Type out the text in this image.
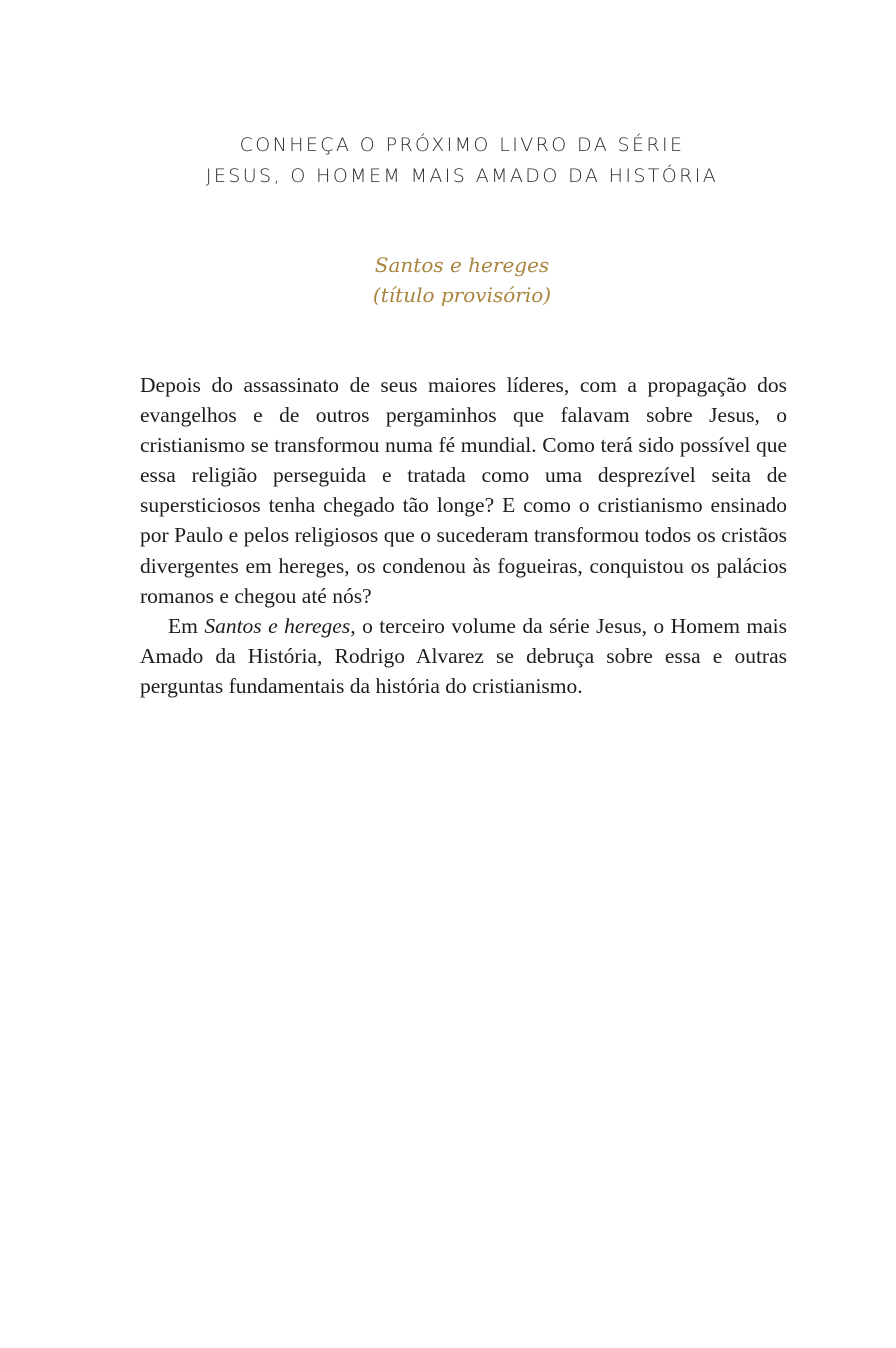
CONHEÇA O PRÓXIMO LIVRO DA SÉRIE
JESUS, O HOMEM MAIS AMADO DA HISTÓRIA
Santos e hereges
(título provisório)

Depois do assassinato de seus maiores líderes, com a propagação dos evangelhos e de outros pergaminhos que falavam sobre Jesus, o cristianismo se transformou numa fé mundial. Como terá sido possível que essa religião perseguida e tratada como uma desprezível seita de supersticiosos tenha chegado tão longe? E como o cristianismo ensinado por Paulo e pelos religiosos que o sucederam transformou todos os cristãos divergentes em hereges, os condenou às fogueiras, conquistou os palácios romanos e chegou até nós?

Em Santos e hereges, o terceiro volume da série Jesus, o Homem mais Amado da História, Rodrigo Alvarez se debruça sobre essa e outras perguntas fundamentais da história do cristianismo.
